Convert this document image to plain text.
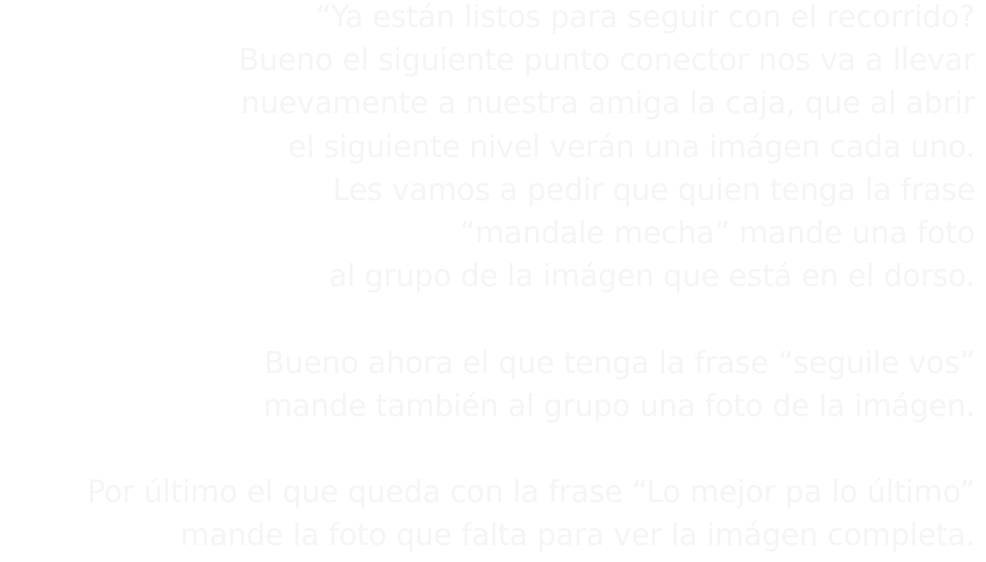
“Ya están listos para seguir con el recorrido?
Bueno el siguiente punto conector nos va a llevar
nuevamente a nuestra amiga la caja, que al abrir
el siguiente nivel verán una imágen cada uno.
Les vamos a pedir que quien tenga la frase
“mandale mecha” mande una foto
al grupo de la imágen que está en el dorso.
Bueno ahora el que tenga la frase “seguile vos”
mande también al grupo una foto de la imágen.
Por último el que queda con la frase “Lo mejor pa lo último”
mande la foto que falta para ver la imágen completa.
